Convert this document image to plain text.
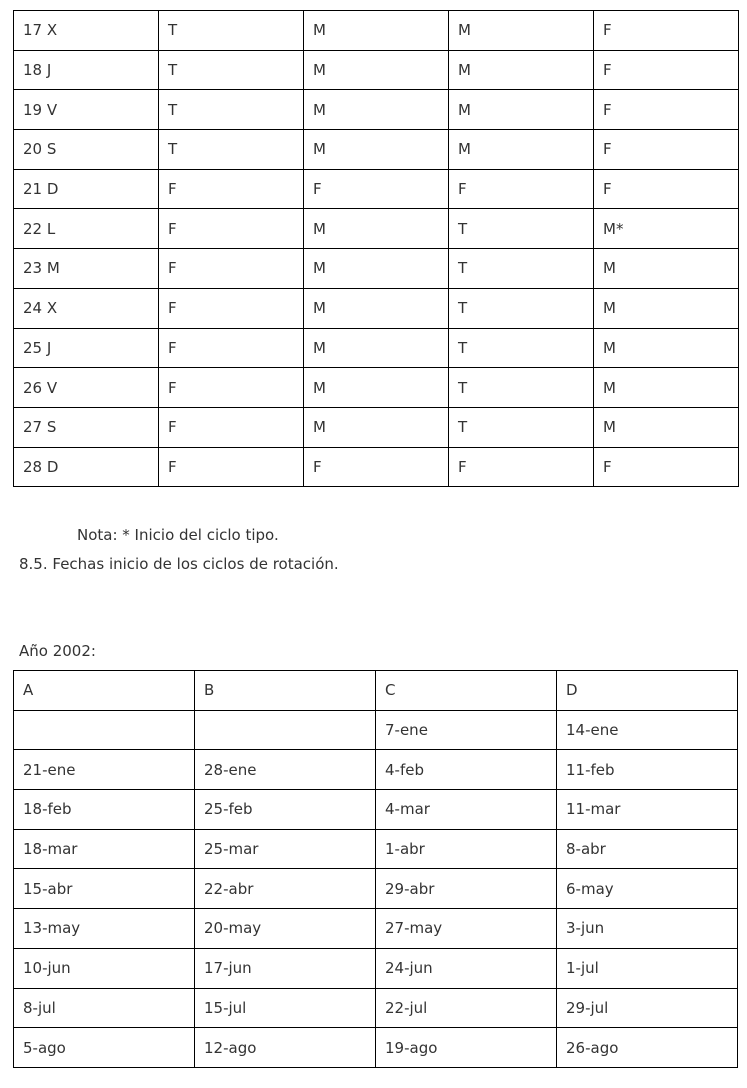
17 X	T	M	M	F
18 J	T	M	M	F
19 V	T	M	M	F
20 S	T	M	M	F
21 D	F	F	F	F
22 L	F	M	T	M*
23 M	F	M	T	M
24 X	F	M	T	M
25 J	F	M	T	M
26 V	F	M	T	M
27 S	F	M	T	M
28 D	F	F	F	F
Nota: * Inicio del ciclo tipo.
8.5. Fechas inicio de los ciclos de rotación.
Año 2002:
A	B	C	D
		7-ene	14-ene
21-ene	28-ene	4-feb	11-feb
18-feb	25-feb	4-mar	11-mar
18-mar	25-mar	1-abr	8-abr
15-abr	22-abr	29-abr	6-may
13-may	20-may	27-may	3-jun
10-jun	17-jun	24-jun	1-jul
8-jul	15-jul	22-jul	29-jul
5-ago	12-ago	19-ago	26-ago
